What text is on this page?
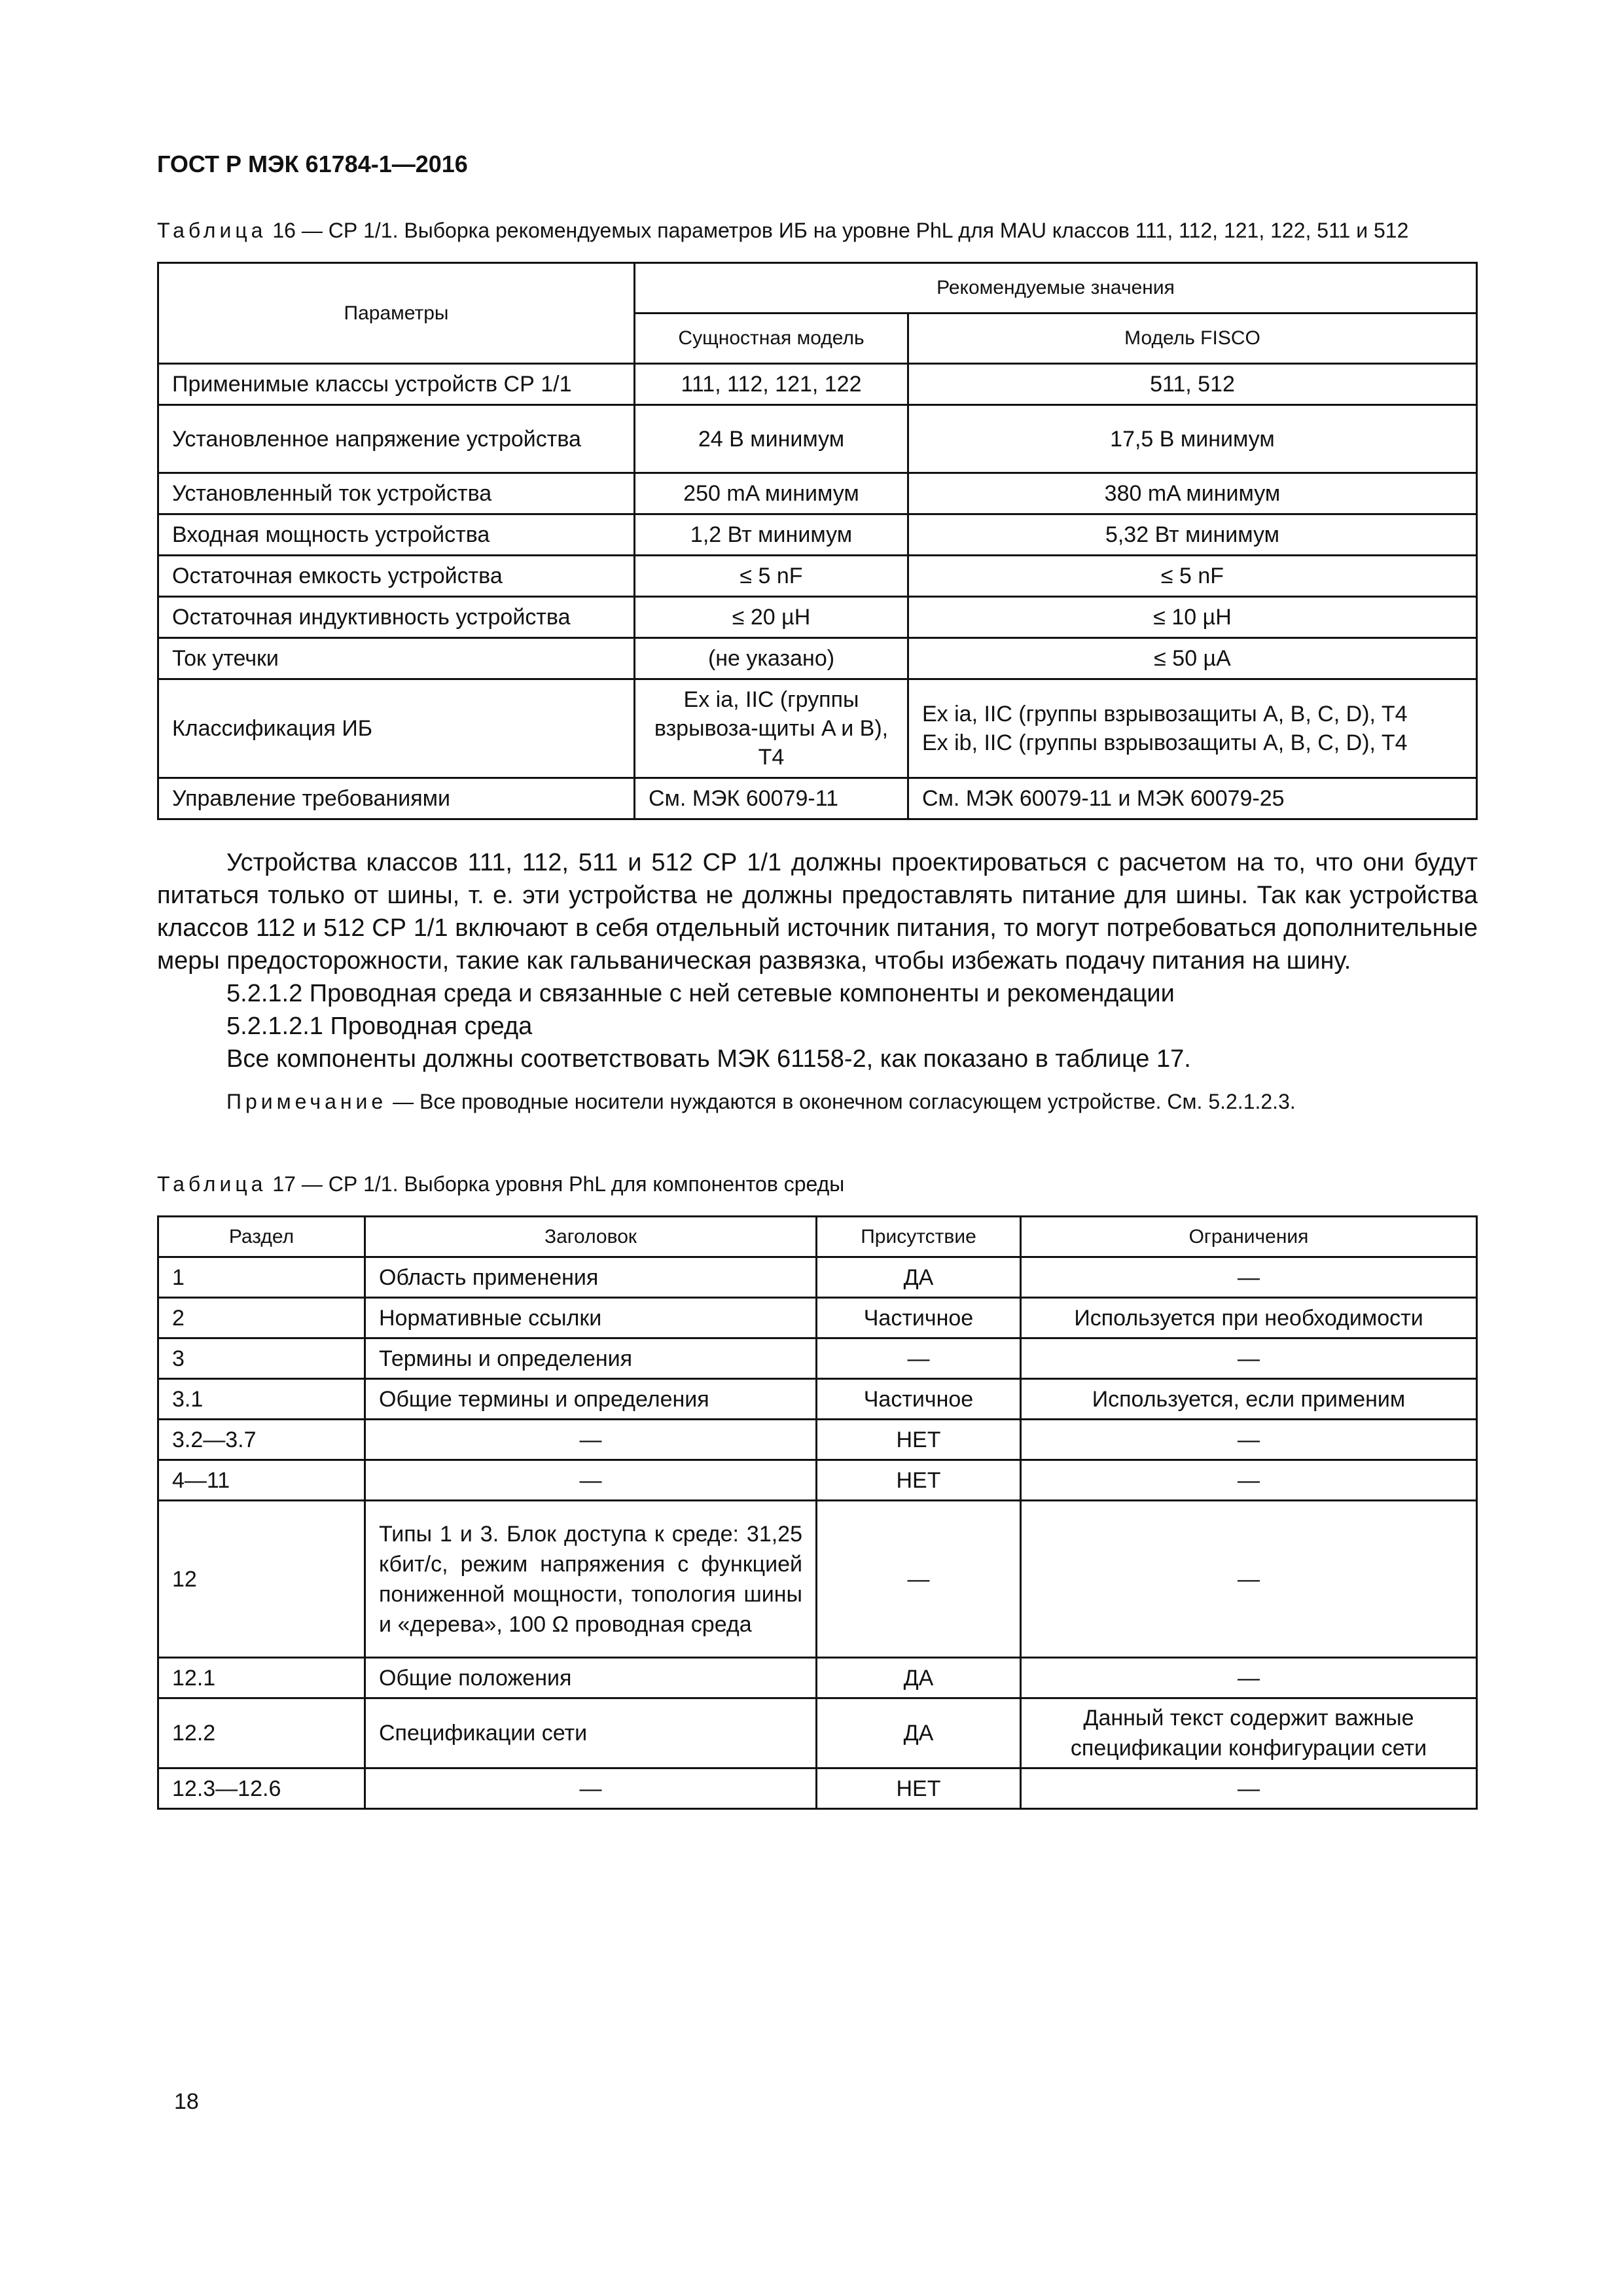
ГОСТ Р МЭК 61784-1—2016
Таблица 16 — СР 1/1. Выборка рекомендуемых параметров ИБ на уровне PhL для MAU классов 111, 112, 121, 122, 511 и 512
Параметры	Рекомендуемые значения	
	Сущностная модель	Модель FISCO
Применимые классы устройств СР 1/1	111, 112, 121, 122	511, 512
Установленное напряжение устройства	24 В минимум	17,5 В минимум
Установленный ток устройства	250 mA минимум	380 mA минимум
Входная мощность устройства	1,2 Вт минимум	5,32 Вт минимум
Остаточная емкость устройства	≤ 5 nF	≤ 5 nF
Остаточная индуктивность устройства	≤ 20 µH	≤ 10 µH
Ток утечки	(не указано)	≤ 50 µA
Классификация ИБ	Ex ia, IIC (группы взрывоза-щиты A и B), T4	Ex ia, IIC (группы взрывозащиты A, B, C, D), T4
Ex ib, IIC (группы взрывозащиты A, B, C, D), T4

Управление требованиями	См. МЭК 60079-11	См. МЭК 60079-11 и МЭК 60079-25

Устройства классов 111, 112, 511 и 512 СР 1/1 должны проектироваться с расчетом на то, что они будут питаться только от шины, т. е. эти устройства не должны предоставлять питание для шины. Так как устройства классов 112 и 512 СР 1/1 включают в себя отдельный источник питания, то могут потребоваться дополнительные меры предосторожности, такие как гальваническая развязка, чтобы избежать подачу питания на шину.

5.2.1.2 Проводная среда и связанные с ней сетевые компоненты и рекомендации

5.2.1.2.1 Проводная среда

Все компоненты должны соответствовать МЭК 61158-2, как показано в таблице 17.

Примечание — Все проводные носители нуждаются в оконечном согласующем устройстве. См. 5.2.1.2.3.

Таблица 17 — СР 1/1. Выборка уровня PhL для компонентов среды
Раздел	Заголовок	Присутствие	Ограничения
1	Область применения	ДА	—
2	Нормативные ссылки	Частичное	Используется при необходимости
3	Термины и определения	—	—
3.1	Общие термины и определения	Частичное	Используется, если применим
3.2—3.7	—	НЕТ	—
4—11	—	НЕТ	—
12	Типы 1 и 3. Блок доступа к среде: 31,25 кбит/с, режим напряжения с функцией пониженной мощности, топология шины и «дерева», 100 Ω проводная среда	—	—
12.1	Общие положения	ДА	—
12.2	Спецификации сети	ДА	Данный текст содержит важные спецификации конфигурации сети
12.3—12.6	—	НЕТ	—
18
